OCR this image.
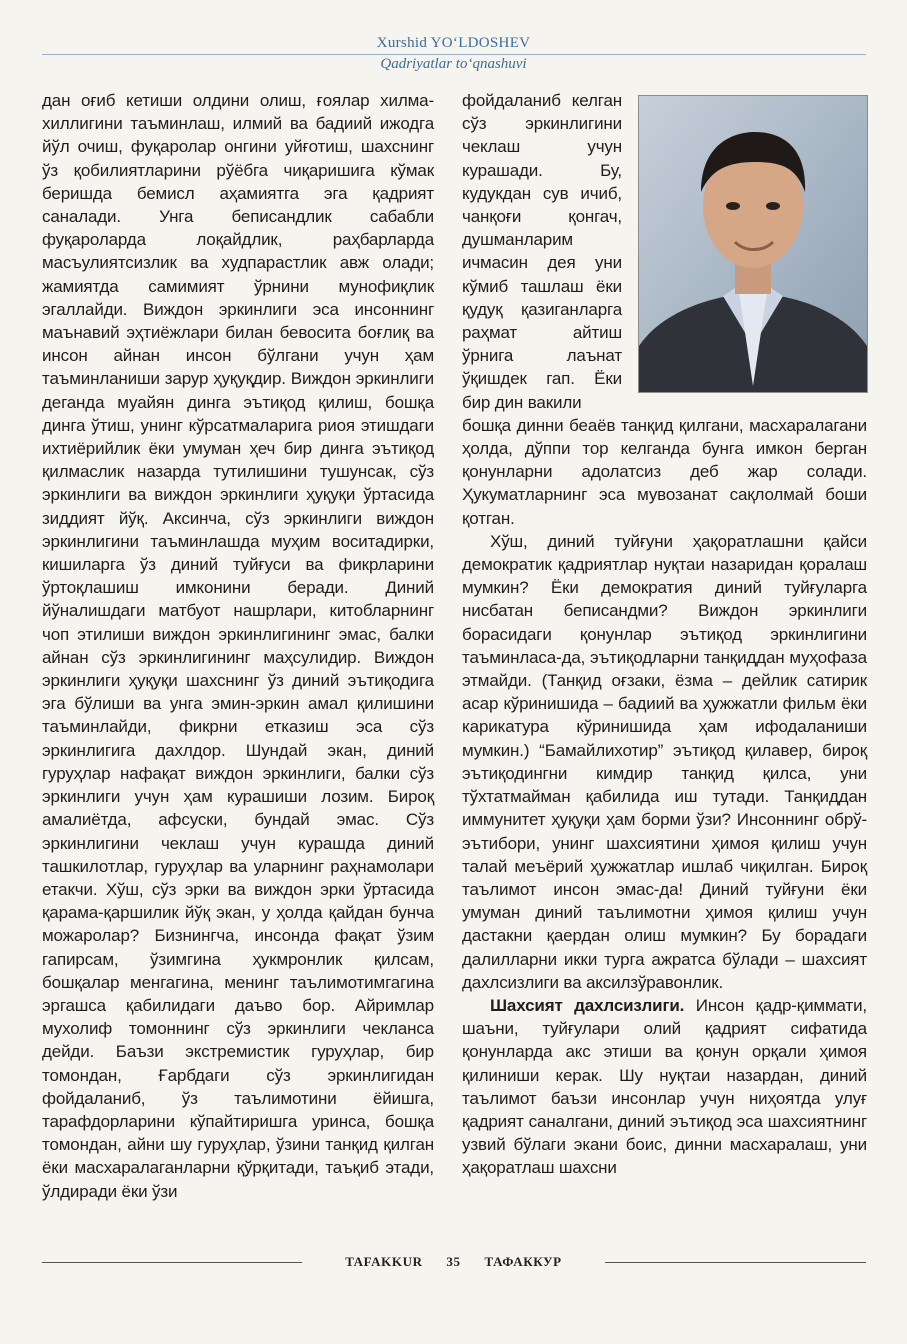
Xurshid YO‘LDOSHEV
Qadriyatlar to‘qnashuvi

дан оғиб кетиши олдини олиш, ғоялар хилма-хиллигини таъминлаш, илмий ва бадиий ижодга йўл очиш, фуқаролар онгини уйғотиш, шахснинг ўз қобилиятларини рўёбга чиқаришига кўмак беришда бемисл аҳамиятга эга қадрият саналади. Унга беписандлик сабабли фуқароларда лоқайдлик, раҳбарларда масъулиятсизлик ва худпарастлик авж олади; жамиятда самимият ўрнини мунофиқлик эгаллайди. Виждон эркинлиги эса инсоннинг маънавий эҳтиёжлари билан бевосита боғлиқ ва инсон айнан инсон бўлгани учун ҳам таъминланиши зарур ҳуқуқдир. Виждон эркинлиги деганда муайян динга эътиқод қилиш, бошқа динга ўтиш, унинг кўрсатмаларига риоя этишдаги ихтиёрийлик ёки умуман ҳеч бир динга эътиқод қилмаслик назарда тутилишини тушунсак, сўз эркинлиги ва виждон эркинлиги ҳуқуқи ўртасида зиддият йўқ. Аксинча, сўз эркинлиги виждон эркинлигини таъминлашда муҳим воситадирки, кишиларга ўз диний туйғуси ва фикрларини ўртоқлашиш имконини беради. Диний йўналишдаги матбуот нашрлари, китобларнинг чоп этилиши виждон эркинлигининг эмас, балки айнан сўз эркинлигининг маҳсулидир. Виждон эркинлиги ҳуқуқи шахснинг ўз диний эътиқодига эга бўлиши ва унга эмин-эркин амал қилишини таъминлайди, фикрни етказиш эса сўз эркинлигига дахлдор. Шундай экан, диний гуруҳлар нафақат виждон эркинлиги, балки сўз эркинлиги учун ҳам курашиши лозим. Бироқ амалиётда, афсуски, бундай эмас. Сўз эркинлигини чеклаш учун курашда диний ташкилотлар, гуруҳлар ва уларнинг раҳнамолари етакчи. Хўш, сўз эрки ва виждон эрки ўртасида қарама-қаршилик йўқ экан, у ҳолда қайдан бунча можаролар? Бизнингча, инсонда фақат ўзим гапирсам, ўзимгина ҳукмронлик қилсам, бошқалар менгагина, менинг таълимотимгагина эргашса қабилидаги даъво бор. Айримлар мухолиф томоннинг сўз эркинлиги чекланса дейди. Баъзи экстремистик гуруҳлар, бир томондан, Ғарбдаги сўз эркинлигидан фойдаланиб, ўз таълимотини ёйишга, тарафдорларини кўпайтиришга уринса, бошқа томондан, айни шу гуруҳлар, ўзини танқид қилган ёки масхаралаганларни қўрқитади, таъқиб этади, ўлдиради ёки ўзи

фойдаланиб келган сўз эркинлигини чеклаш учун курашади. Бу, кудукдан сув ичиб, чанқоғи қонгач, душманларим ичмасин дея уни кўмиб ташлаш ёки қудуқ қазиганларга раҳмат айтиш ўрнига лаънат ўқишдек гап. Ёки бир дин вакили

бошқа динни беаёв танқид қилгани, масхаралагани ҳолда, дўппи тор келганда бунга имкон берган қонунларни адолатсиз деб жар солади. Ҳукуматларнинг эса мувозанат сақлолмай боши қотган.

Хўш, диний туйғуни ҳақоратлашни қайси демократик қадриятлар нуқтаи назаридан қоралаш мумкин? Ёки демократия диний туйғуларга нисбатан беписандми? Виждон эркинлиги борасидаги қонунлар эътиқод эркинлигини таъминласа-да, эътиқодларни танқиддан муҳофаза этмайди. (Танқид оғзаки, ёзма – дейлик сатирик асар кўринишида – бадиий ва ҳужжатли фильм ёки карикатура кўринишида ҳам ифодаланиши мумкин.) “Бамайлихотир” эътиқод қилавер, бироқ эътиқодингни кимдир танқид қилса, уни тўхтатмайман қабилида иш тутади. Танқиддан иммунитет ҳуқуқи ҳам борми ўзи? Инсоннинг обрў-эътибори, унинг шахсиятини ҳимоя қилиш учун талай меъёрий ҳужжатлар ишлаб чиқилган. Бироқ таълимот инсон эмас-да! Диний туйғуни ёки умуман диний таълимотни ҳимоя қилиш учун дастакни қаердан олиш мумкин? Бу борадаги далилларни икки турга ажратса бўлади – шахсият дахлсизлиги ва аксилзўравонлик.

Шахсият дахлсизлиги. Инсон қадр-қиммати, шаъни, туйғулари олий қадрият сифатида қонунларда акс этиши ва қонун орқали ҳимоя қилиниши керак. Шу нуқтаи назардан, диний таълимот баъзи инсонлар учун ниҳоятда улуғ қадрият саналгани, диний эътиқод эса шахсиятнинг узвий бўлаги экани боис, динни масхаралаш, уни ҳақоратлаш шахсни

TAFAKKUR 35 ТАФАККУР
